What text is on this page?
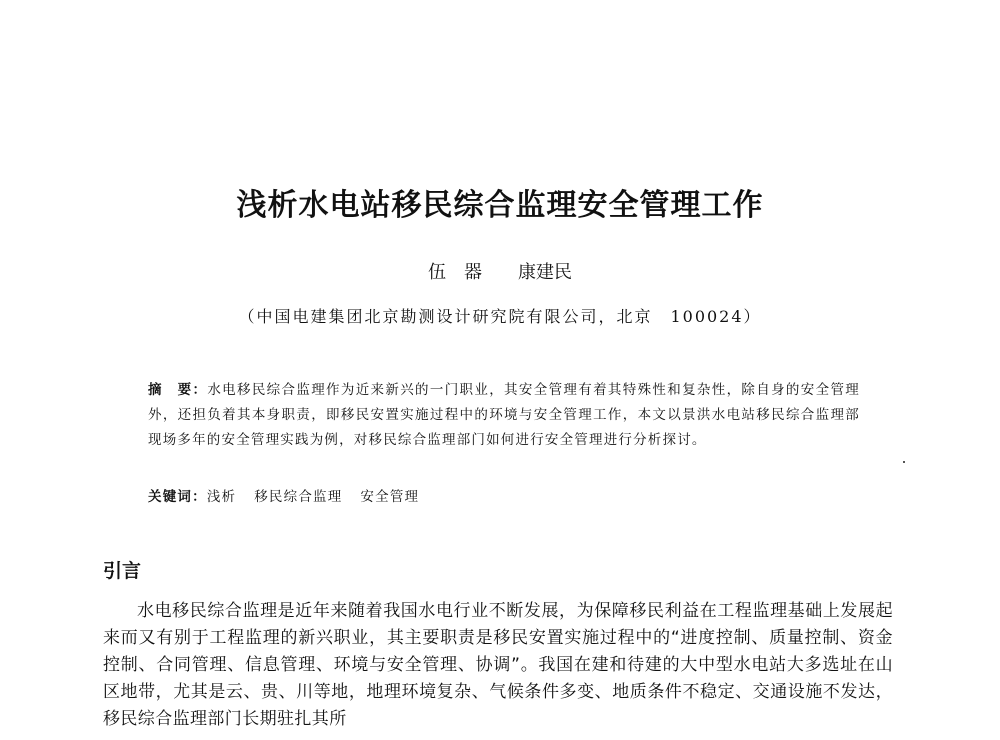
浅析水电站移民综合监理安全管理工作
伍　器 康建民
（中国电建集团北京勘测设计研究院有限公司，北京　100024）
摘　要：水电移民综合监理作为近来新兴的一门职业，其安全管理有着其特殊性和复杂性，除自身的安全管理外，还担负着其本身职责，即移民安置实施过程中的环境与安全管理工作，本文以景洪水电站移民综合监理部现场多年的安全管理实践为例，对移民综合监理部门如何进行安全管理进行分析探讨。
关键词：浅析 移民综合监理 安全管理
引言

水电移民综合监理是近年来随着我国水电行业不断发展，为保障移民利益在工程监理基础上发展起来而又有别于工程监理的新兴职业，其主要职责是移民安置实施过程中的“进度控制、质量控制、资金控制、合同管理、信息管理、环境与安全管理、协调”。我国在建和待建的大中型水电站大多选址在山区地带，尤其是云、贵、川等地，地理环境复杂、气候条件多变、地质条件不稳定、交通设施不发达，移民综合监理部门长期驻扎其所
